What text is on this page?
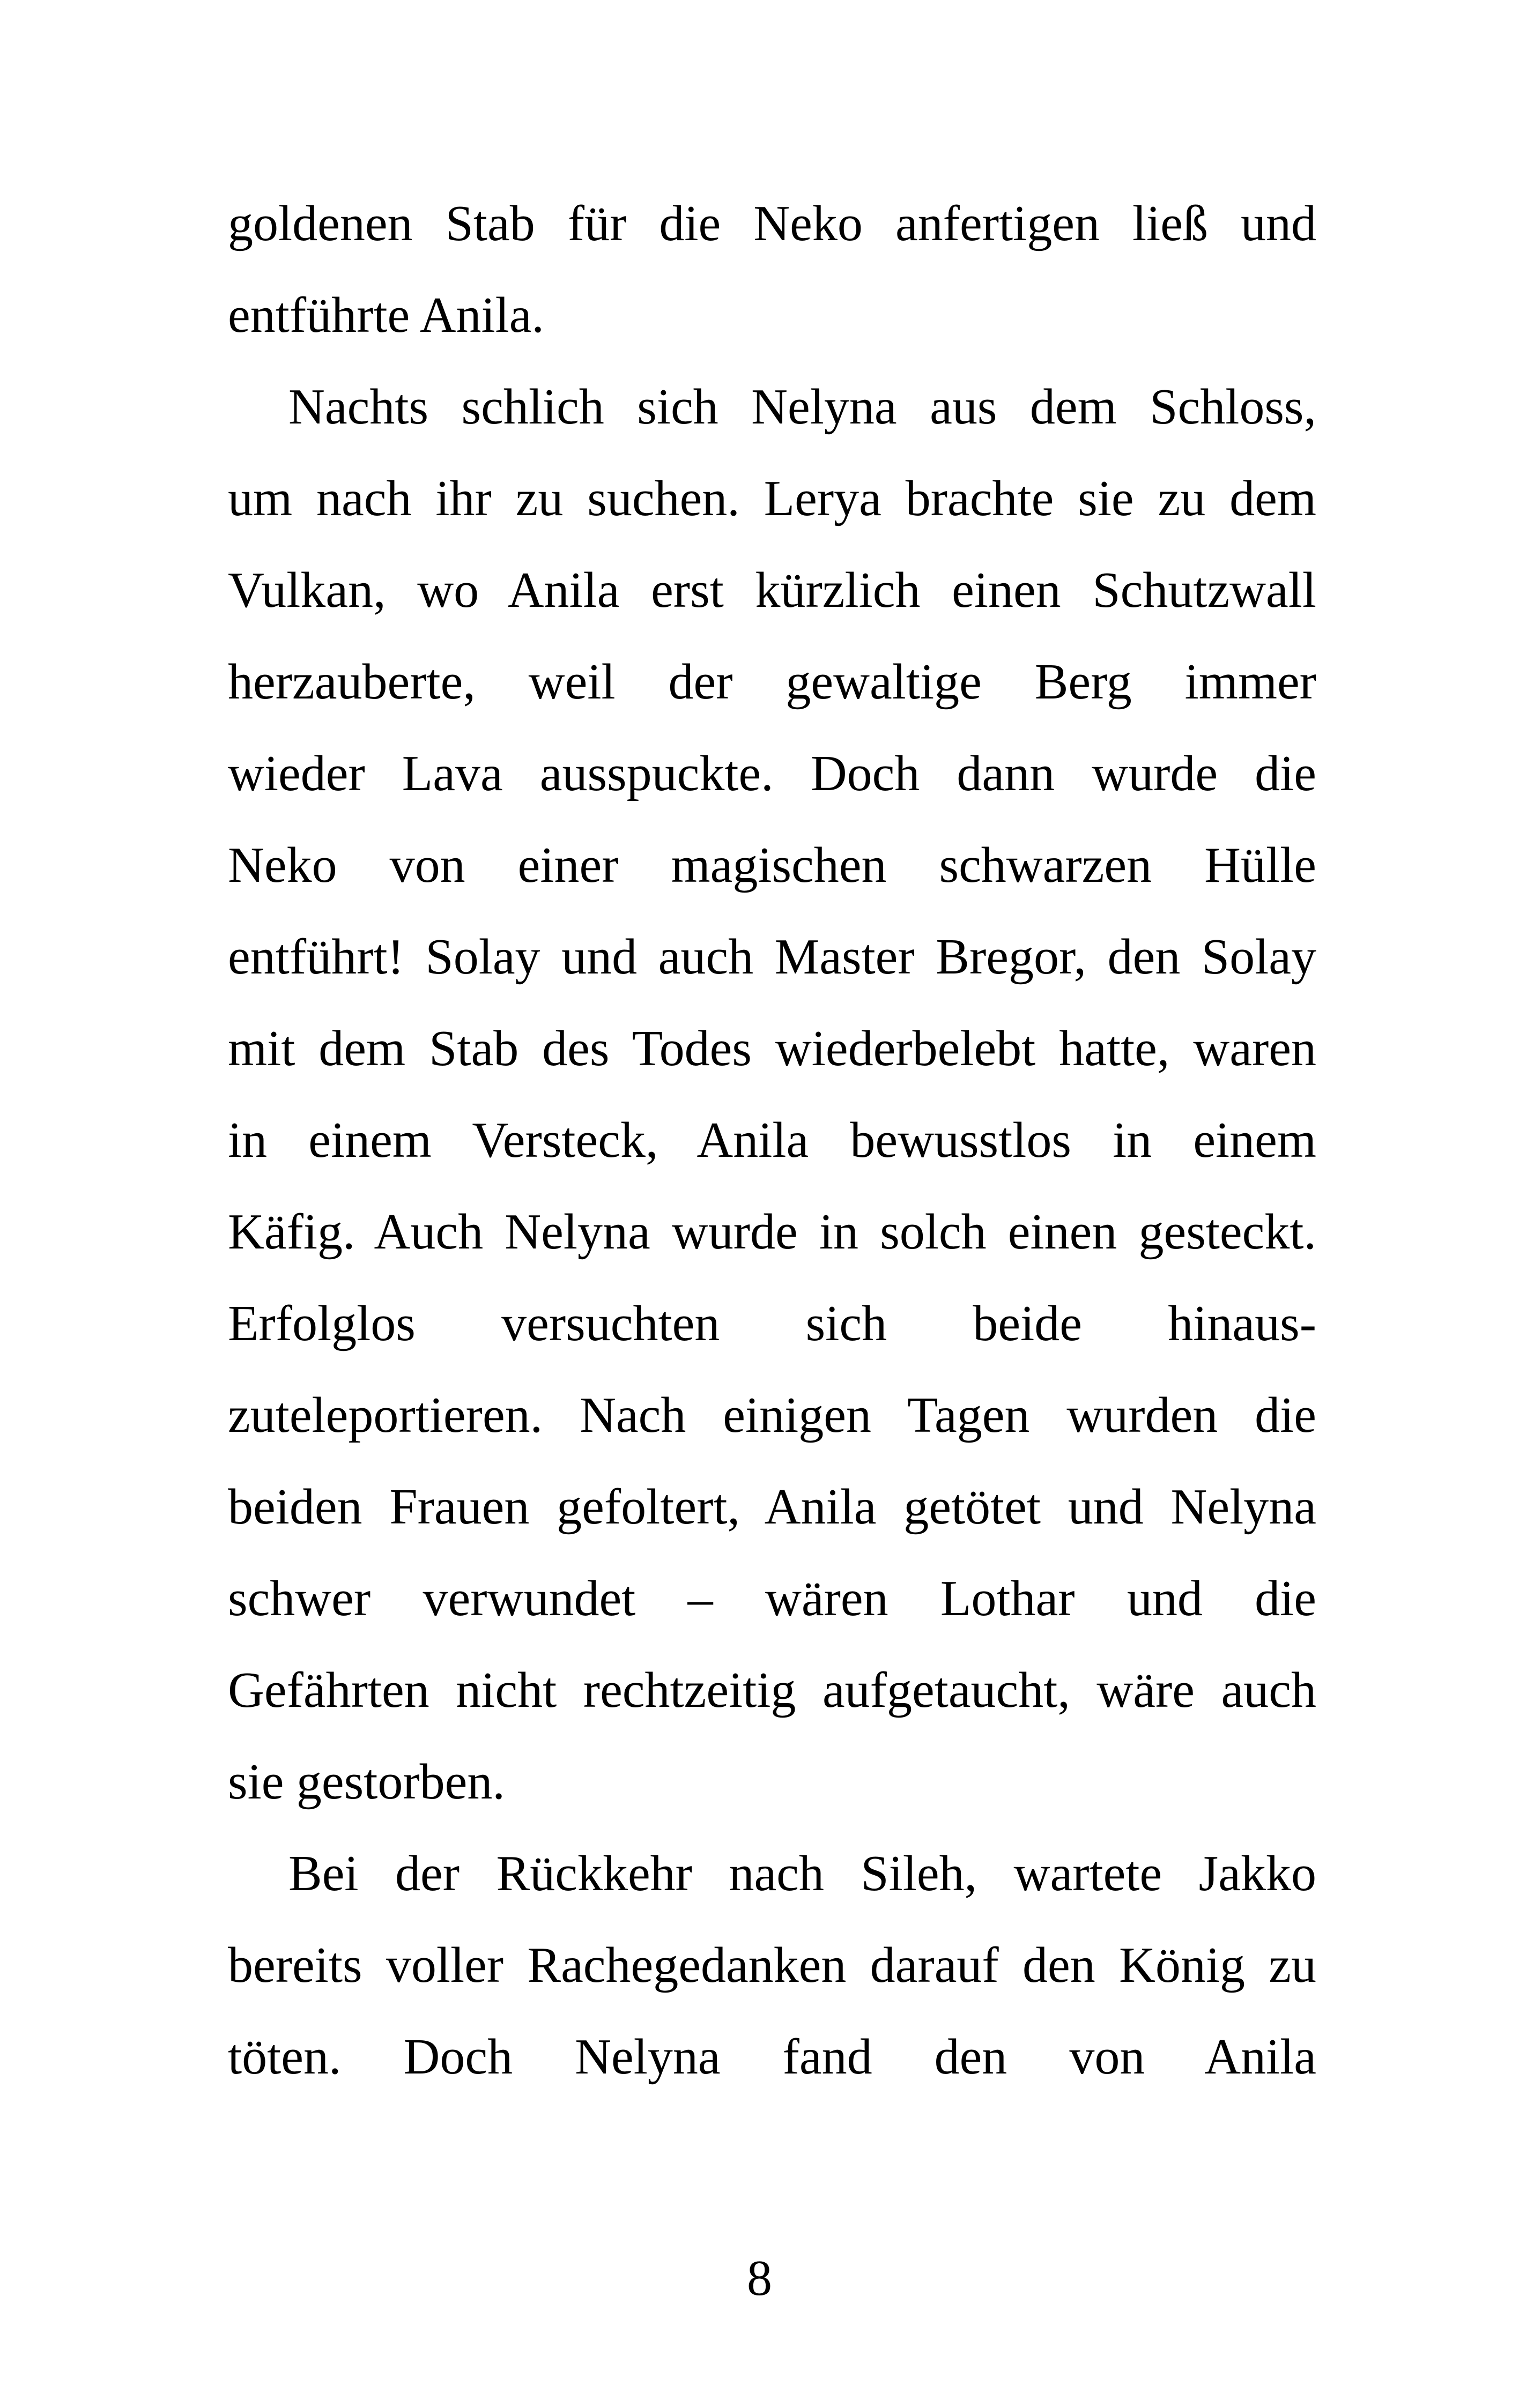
goldenen Stab für die Neko anfertigen ließ und
entführte Anila.
Nachts schlich sich Nelyna aus dem Schloss,
um nach ihr zu suchen. Lerya brachte sie zu dem
Vulkan, wo Anila erst kürzlich einen Schutzwall
herzauberte, weil der gewaltige Berg immer
wieder Lava ausspuckte. Doch dann wurde die
Neko von einer magischen schwarzen Hülle
entführt! Solay und auch Master Bregor, den Solay
mit dem Stab des Todes wiederbelebt hatte, waren
in einem Versteck, Anila bewusstlos in einem
Käfig. Auch Nelyna wurde in solch einen gesteckt.
Erfolglos versuchten sich beide hinaus-
zuteleportieren. Nach einigen Tagen wurden die
beiden Frauen gefoltert, Anila getötet und Nelyna
schwer verwundet – wären Lothar und die
Gefährten nicht rechtzeitig aufgetaucht, wäre auch
sie gestorben.
Bei der Rückkehr nach Sileh, wartete Jakko
bereits voller Rachegedanken darauf den König zu
töten. Doch Nelyna fand den von Anila
8
